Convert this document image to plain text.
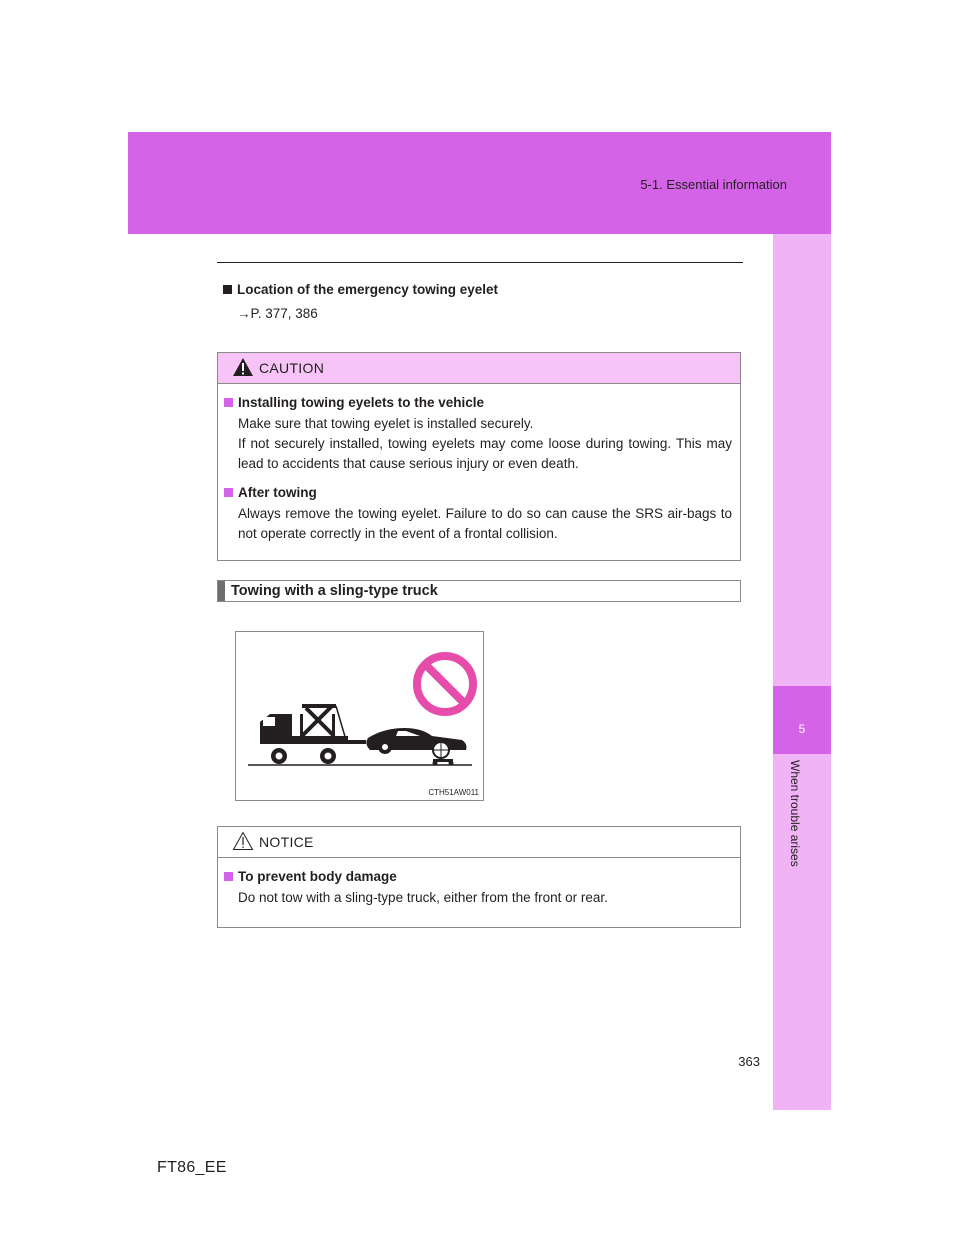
5-1. Essential information
5
When trouble arises
Location of the emergency towing eyelet
→P. 377, 386
CAUTION
Installing towing eyelets to the vehicle
Make sure that towing eyelet is installed securely.
If not securely installed, towing eyelets may come loose during towing. This may lead to accidents that cause serious injury or even death.
After towing
Always remove the towing eyelet. Failure to do so can cause the SRS air-bags to not operate correctly in the event of a frontal collision.
Towing with a sling-type truck
CTH51AW011
NOTICE
To prevent body damage
Do not tow with a sling-type truck, either from the front or rear.
363
FT86_EE
